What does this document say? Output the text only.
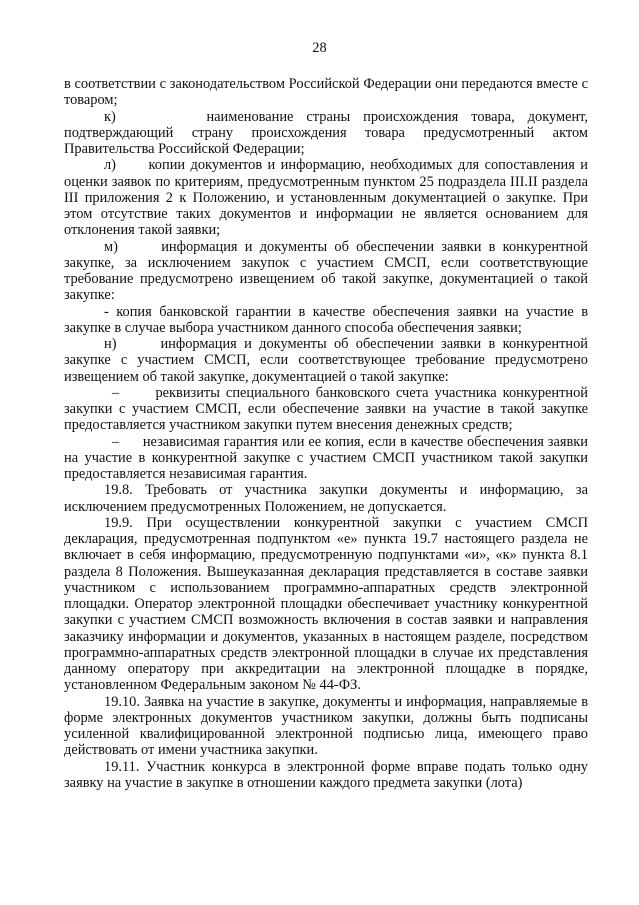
28

в соответствии с законодательством Российской Федерации они передаются вместе с товаром;

к)       наименование страны происхождения товара, документ, подтверждающий страну происхождения товара предусмотренный актом Правительства Российской Федерации;

л)      копии документов и информацию, необходимых для сопоставления и оценки заявок по критериям, предусмотренным пунктом 25 подраздела III.II раздела III приложения 2 к Положению, и установленным документацией о закупке. При этом отсутствие таких документов и информации не является основанием для отклонения такой заявки;

м)      информация и документы об обеспечении заявки в конкурентной закупке, за исключением закупок с участием СМСП, если соответствующие требование предусмотрено извещением об такой закупке, документацией о такой закупке:

- копия банковской гарантии в качестве обеспечения заявки на участие в закупке в случае выбора участником данного способа обеспечения заявки;

н)      информация и документы об обеспечении заявки в конкурентной закупке с участием СМСП, если соответствующее требование предусмотрено извещением об такой закупке, документацией о такой закупке:

–      реквизиты специального банковского счета участника конкурентной закупки с участием СМСП, если обеспечение заявки на участие в такой закупке предоставляется участником закупки путем внесения денежных средств;

–      независимая гарантия или ее копия, если в качестве обеспечения заявки на участие в конкурентной закупке с участием СМСП участником такой закупки предоставляется независимая гарантия.

19.8. Требовать от участника закупки документы и информацию, за исключением предусмотренных Положением, не допускается.

19.9. При осуществлении конкурентной закупки с участием СМСП декларация, предусмотренная подпунктом «е» пункта 19.7 настоящего раздела не включает в себя информацию, предусмотренную подпунктами «и», «к» пункта 8.1 раздела 8 Положения. Вышеуказанная декларация представляется в составе заявки участником с использованием программно-аппаратных средств электронной площадки. Оператор электронной площадки обеспечивает участнику конкурентной закупки с участием СМСП возможность включения в состав заявки и направления заказчику информации и документов, указанных в настоящем разделе, посредством программно-аппаратных средств электронной площадки в случае их представления данному оператору при аккредитации на электронной площадке в порядке, установленном Федеральным законом № 44-ФЗ.

19.10. Заявка на участие в закупке, документы и информация, направляемые в форме электронных документов участником закупки, должны быть подписаны усиленной квалифицированной электронной подписью лица, имеющего право действовать от имени участника закупки.

19.11. Участник конкурса в электронной форме вправе подать только одну заявку на участие в закупке в отношении каждого предмета закупки (лота)
